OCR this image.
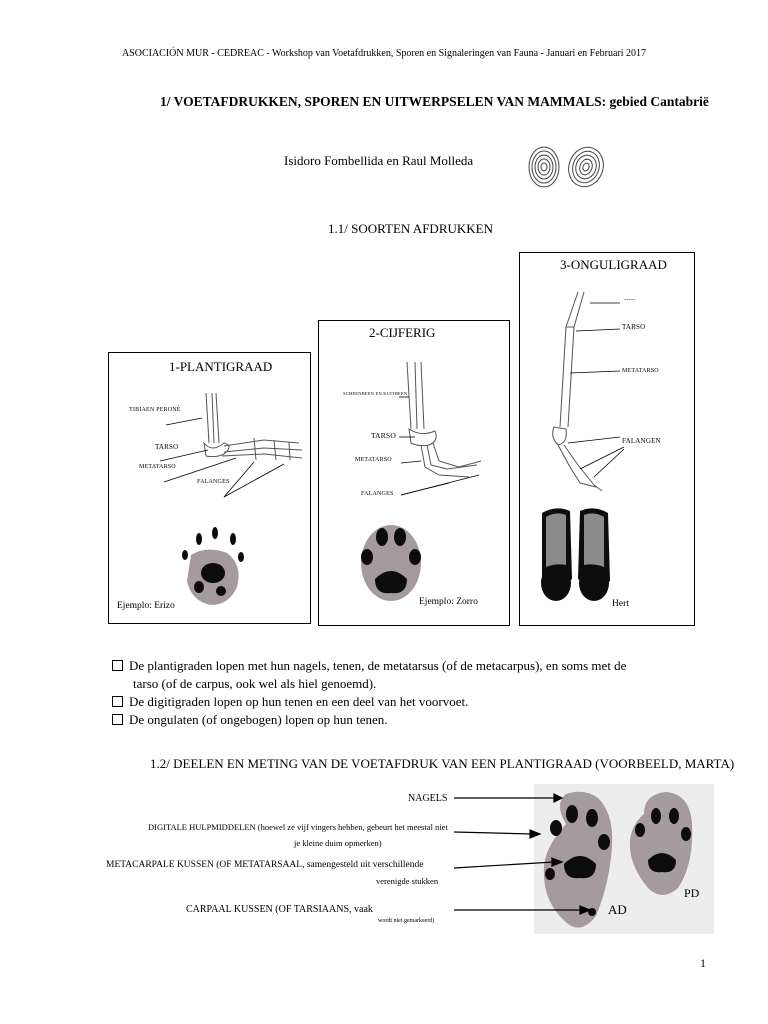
ASOCIACIÓN MUR - CEDREAC - Workshop van Voetafdrukken, Sporen en Signaleringen van Fauna - Januari en Februari 2017
1/ VOETAFDRUKKEN, SPOREN EN UITWERPSELEN VAN MAMMALS: gebied Cantabrië
Isidoro Fombellida en Raul Molleda
1.1/ SOORTEN AFDRUKKEN
1-PLANTIGRAAD
TIBIAEN PERONÉ
TARSO
METATARSO
FALANGES
Ejemplo: Erizo
2-CIJFERIG
SCHEENBEEN EN KUITBEEN
TARSO
METATARSO
FALANGES
Ejemplo: Zorro
3-ONGULIGRAAD
-----
TARSO
METATARSO
FALANGEN
Hert
De plantigraden lopen met hun nagels, tenen, de metatarsus (of de metacarpus), en soms met de
tarso (of de carpus, ook wel als hiel genoemd).
De digitigraden lopen op hun tenen en een deel van het voorvoet.
De ongulaten (of ongebogen) lopen op hun tenen.
1.2/ DEELEN EN METING VAN DE VOETAFDRUK VAN EEN PLANTIGRAAD (VOORBEELD, MARTA)
NAGELS
DIGITALE HULPMIDDELEN (hoewel ze vijf vingers hebben, gebeurt het meestal niet
je kleine duim opmerken)
METACARPALE KUSSEN (OF METATARSAAL, samengesteld uit verschillende
verenigde stukken
CARPAAL KUSSEN (OF TARSIAANS, vaak
wordt niet gemarkeerd)
AD
PD
1
